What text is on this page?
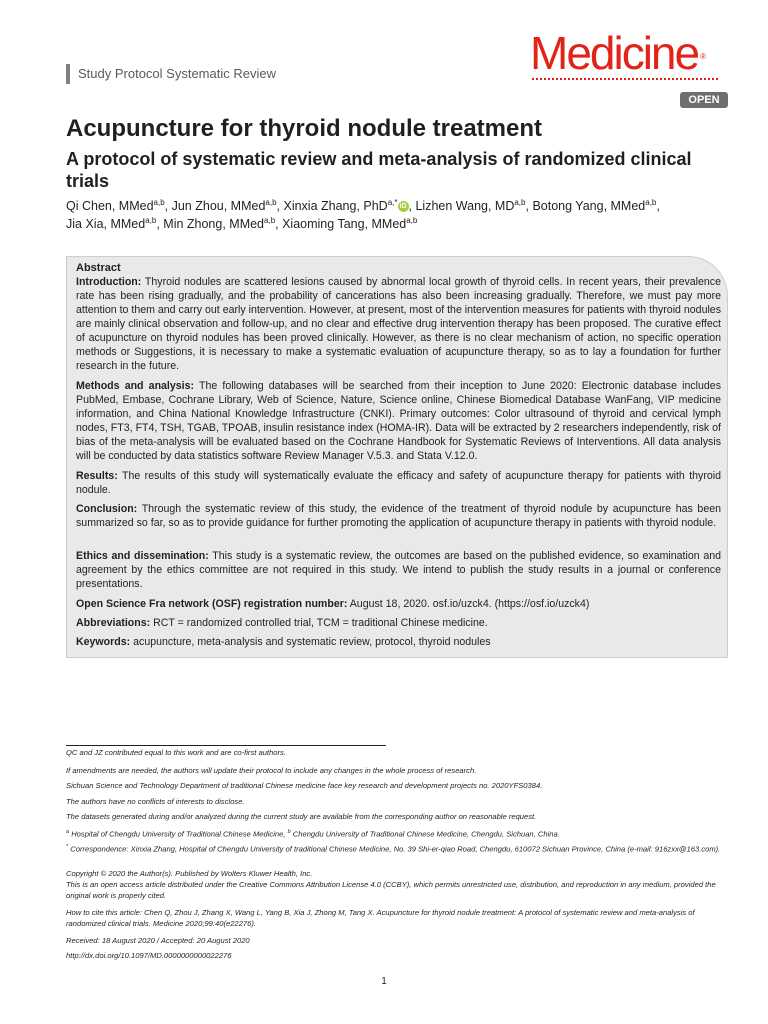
Study Protocol Systematic Review	Medicine ®
OPEN
Acupuncture for thyroid nodule treatment
A protocol of systematic review and meta-analysis of randomized clinical trials
Qi Chen, MMed$^{a,b}$, Jun Zhou, MMed$^{a,b}$, Xinxia Zhang, PhD$^{a,*}$ iD , Lizhen Wang, MD$^{a,b}$, Botong Yang, MMed$^{a,b}$,
Jia Xia, MMed$^{a,b}$, Min Zhong, MMed$^{a,b}$, Xiaoming Tang, MMed$^{a,b}$
Abstract
Introduction: Thyroid nodules are scattered lesions caused by abnormal local growth of thyroid cells. In recent years, their prevalence rate has been rising gradually, and the probability of cancerations has also been increasing gradually. Therefore, we must pay more attention to them and carry out early intervention. However, at present, most of the intervention measures for patients with thyroid nodules are mainly clinical observation and follow-up, and no clear and effective drug intervention therapy has been proposed. The curative effect of acupuncture on thyroid nodules has been proved clinically. However, as there is no clear mechanism of action, no specific operation methods or Suggestions, it is necessary to make a systematic evaluation of acupuncture therapy, so as to lay a foundation for further research in the future.
Methods and analysis: The following databases will be searched from their inception to June 2020: Electronic database includes PubMed, Embase, Cochrane Library, Web of Science, Nature, Science online, Chinese Biomedical Database WanFang, VIP medicine information, and China National Knowledge Infrastructure (CNKI). Primary outcomes: Color ultrasound of thyroid and cervical lymph nodes, FT3, FT4, TSH, TGAB, TPOAB, insulin resistance index (HOMA-IR). Data will be extracted by 2 researchers independently, risk of bias of the meta-analysis will be evaluated based on the Cochrane Handbook for Systematic Reviews of Interventions. All data analysis will be conducted by data statistics software Review Manager V.5.3. and Stata V.12.0.
Results: The results of this study will systematically evaluate the efficacy and safety of acupuncture therapy for patients with thyroid nodule.
Conclusion: Through the systematic review of this study, the evidence of the treatment of thyroid nodule by acupuncture has been summarized so far, so as to provide guidance for further promoting the application of acupuncture therapy in patients with thyroid nodule.
Ethics and dissemination: This study is a systematic review, the outcomes are based on the published evidence, so examination and agreement by the ethics committee are not required in this study. We intend to publish the study results in a journal or conference presentations.
Open Science Fra network (OSF) registration number: August 18, 2020. osf.io/uzck4. (https://osf.io/uzck4)
Abbreviations: RCT = randomized controlled trial, TCM = traditional Chinese medicine.
Keywords: acupuncture, meta-analysis and systematic review, protocol, thyroid nodules
QC and JZ contributed equal to this work and are co-first authors.
If amendments are needed, the authors will update their protocol to include any changes in the whole process of research.
Sichuan Science and Technology Department of traditional Chinese medicine face key research and development projects no. 2020YFS0384.
The authors have no conflicts of interests to disclose.
The datasets generated during and/or analyzed during the current study are available from the corresponding author on reasonable request.
$^a$ Hospital of Chengdu University of Traditional Chinese Medicine, $^b$ Chengdu University of Traditional Chinese Medicine, Chengdu, Sichuan, China.
* Correspondence: Xinxia Zhang, Hospital of Chengdu University of traditional Chinese Medicine, No. 39 Shi-er-qiao Road, Chengdu, 610072 Sichuan Province, China (e-mail: 916zxx@163.com).
Copyright © 2020 the Author(s). Published by Wolters Kluwer Health, Inc.
This is an open access article distributed under the Creative Commons Attribution License 4.0 (CCBY), which permits unrestricted use, distribution, and reproduction in any medium, provided the original work is properly cited.
How to cite this article: Chen Q, Zhou J, Zhang X, Wang L, Yang B, Xia J, Zhong M, Tang X. Acupuncture for thyroid nodule treatment: A protocol of systematic review and meta-analysis of randomized clinical trials. Medicine 2020;99:40(e22276).
Received: 18 August 2020 / Accepted: 20 August 2020
http://dx.doi.org/10.1097/MD.0000000000022276
1
